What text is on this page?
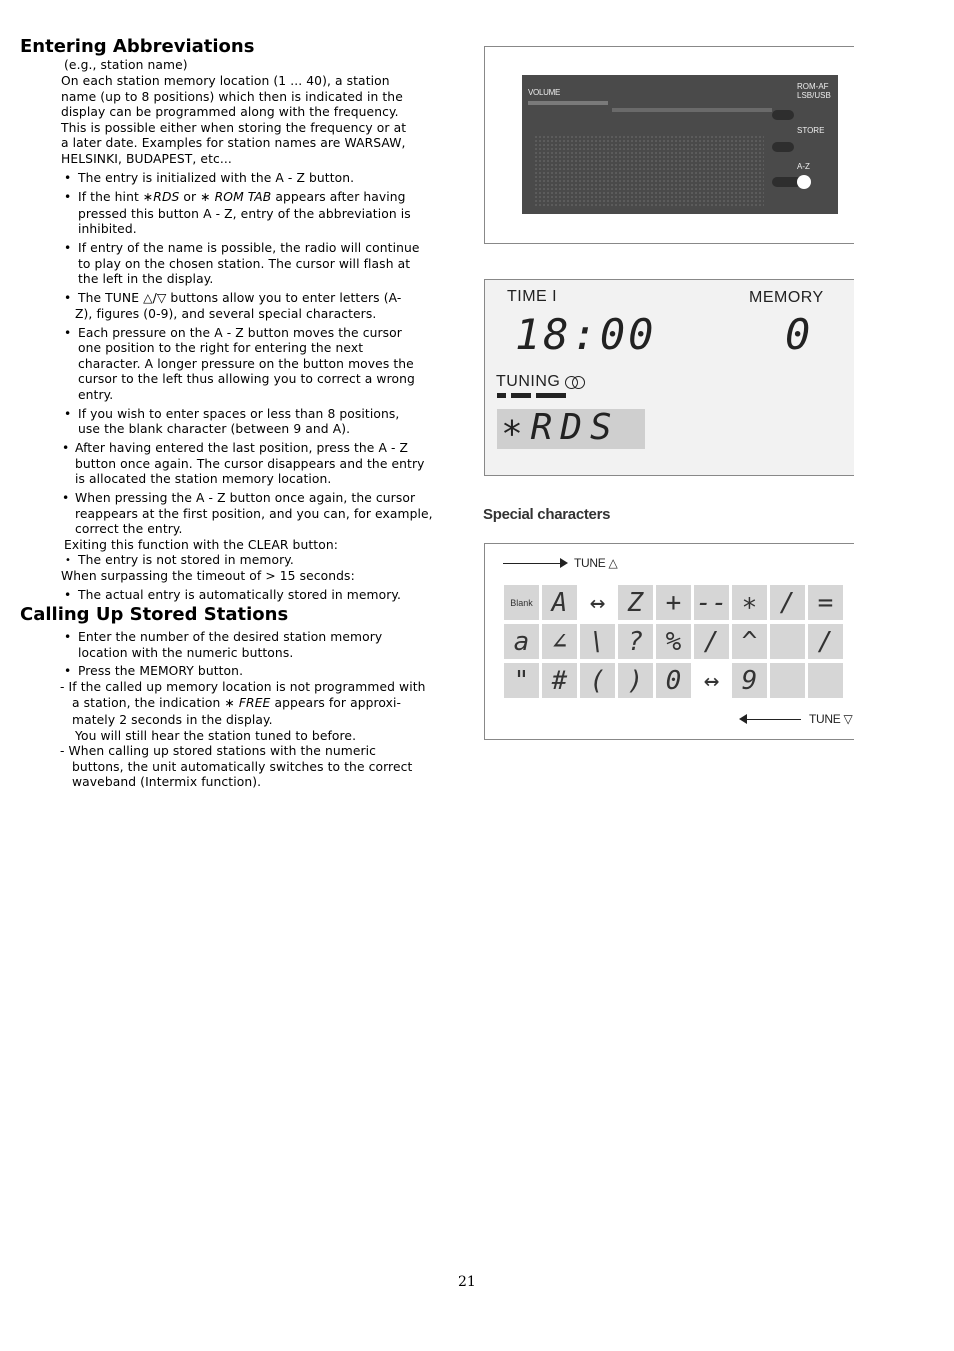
Entering Abbreviations
(e.g., station name)
On each station memory location (1 ... 40), a station
name (up to 8 positions) which then is indicated in the
display can be programmed along with the frequency.
This is possible either when storing the frequency or at
a later date. Examples for station names are WARSAW,
HELSINKI, BUDAPEST, etc...
• The entry is initialized with the A - Z button.
• If the hint ∗RDS or ∗ ROM TAB appears after having
pressed this button A - Z, entry of the abbreviation is
inhibited.
• If entry of the name is possible, the radio will continue
to play on the chosen station. The cursor will flash at
the left in the display.
• The TUNE △/▽ buttons allow you to enter letters (A-
Z), figures (0-9), and several special characters.
• Each pressure on the A - Z button moves the cursor
one position to the right for entering the next
character. A longer pressure on the button moves the
cursor to the left thus allowing you to correct a wrong
entry.
• If you wish to enter spaces or less than 8 positions,
use the blank character (between 9 and A).
• After having entered the last position, press the A - Z
button once again. The cursor disappears and the entry
is allocated the station memory location.
• When pressing the A - Z button once again, the cursor
reappears at the first position, and you can, for example,
correct the entry.
Exiting this function with the CLEAR button:
• The entry is not stored in memory.
When surpassing the timeout of > 15 seconds:
• The actual entry is automatically stored in memory.
Calling Up Stored Stations
• Enter the number of the desired station memory
location with the numeric buttons.
• Press the MEMORY button.
- If the called up memory location is not programmed with
a station, the indication ∗ FREE appears for approxi-
mately 2 seconds in the display.
You will still hear the station tuned to before.
- When calling up stored stations with the numeric
buttons, the unit automatically switches to the correct
waveband (Intermix function).
VOLUME
ROM-AF
LSB/USB
STORE
A-Z
TIME I	MEMORY
18:00	0
TUNING
∗RDS
Special characters
TUNE △
Blank A ↔ Z + -- ∗ / =
a ∠ \ ? % / ^	/
" # ( ) 0 ↔ 9
TUNE ▽
21
